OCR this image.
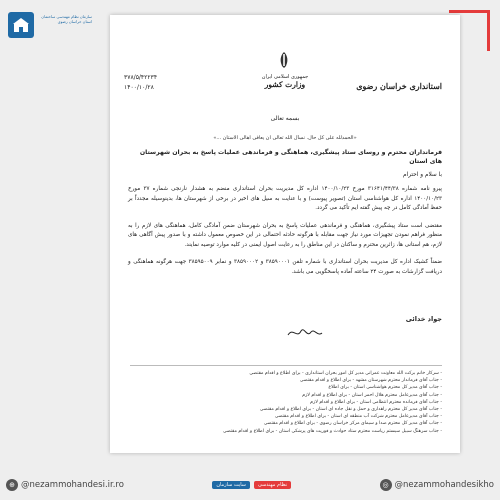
سازمان نظام مهندسی ساختمان استان خراسان رضوی
جمهوری اسلامی ایران
وزارت کشور	استانداری خراسان رضوی
۳۷۸/۵/۴۲۲۳۴
۱۴۰۰/۱۰/۲۸
بسمه تعالی
«الحمدلله علی کل حال. نسأل الله تعالی ان یعافی اهالی الاستان ...»
فرمانداران محترم و روسای ستاد پیشگیری، هماهنگی و فرماندهی عملیات پاسخ به بحران شهرستان های استان
با سلام و احترام
پیرو نامه شماره ۳۱۶۴۱/۴۴/۳۸ مورخ ۱۴۰۰/۱۰/۲۳ اداره کل مدیریت بحران استانداری منضم به هشدار نارنجی شماره ۳۷ مورخ ۱۴۰۰/۱۰/۲۳ اداره کل هواشناسی استان (تصویر پیوست) و با عنایت به سیل های اخیر در برخی از شهرستان ها، بدینوسیله مجدداً بر حفظ آمادگی کامل در چه پیش گفته ایم تأکید می گردد.
مقتضی است ستاد پیشگیری، هماهنگی و فرماندهی عملیات پاسخ به بحران شهرستان ضمن آمادگی کامل، هماهنگی های لازم را به منظور فراهم نمودن تجهیزات مورد نیاز جهت مقابله با هرگونه حادثه احتمالی در این خصوص معمول داشته و با صدور پیش آگاهی های لازم، هم استانی ها، زائرین محترم و ساکنان در این مناطق را به رعایت اصول ایمنی در کلیه موارد توصیه نمایند.
ضمناً کشیک اداره کل مدیریت بحران استانداری با شماره تلفن ۳۸۵۹۰۰۰۱ و ۳۸۵۹۰۰۰۲ و نمابر ۳۸۵۹۵۰۰۹ جهت هرگونه هماهنگی و دریافت گزارشات به صورت ۲۴ ساعته آماده پاسخگویی می باشد.
جواد خدائی
- سرکار خانم برکت الله معاونت عمرانی مدیر کل امور بحران استانداری - برای اطلاع و اقدام مقتضی
- جناب آقای فرماندار محترم شهرستان مشهد - برای اطلاع و اقدام مقتضی
- جناب آقای مدیر کل محترم هواشناسی استان - برای اطلاع
- جناب آقای مدیرعامل محترم هلال احمر استان - برای اطلاع و اقدام لازم
- جناب آقای فرمانده محترم انتظامی استان - برای اطلاع و اقدام لازم
- جناب آقای مدیر کل محترم راهداری و حمل و نقل جاده ای استان - برای اطلاع و اقدام مقتضی
- جناب آقای مدیرعامل محترم شرکت آب منطقه ای استان - برای اطلاع و اقدام مقتضی
- جناب آقای مدیر کل محترم صدا و سیمای مرکز خراسان رضوی - برای اطلاع و اقدام مقتضی
- جناب سرهنگ سبیل سیستم ریاست محترم ستاد حوادث و فوریت های پزشکی استان - برای اطلاع و اقدام مقتضی
⊕ @nezammohandesi.ir.ro	سایت سازمان	نظام مهندسی	◎ @nezammohandesikho
